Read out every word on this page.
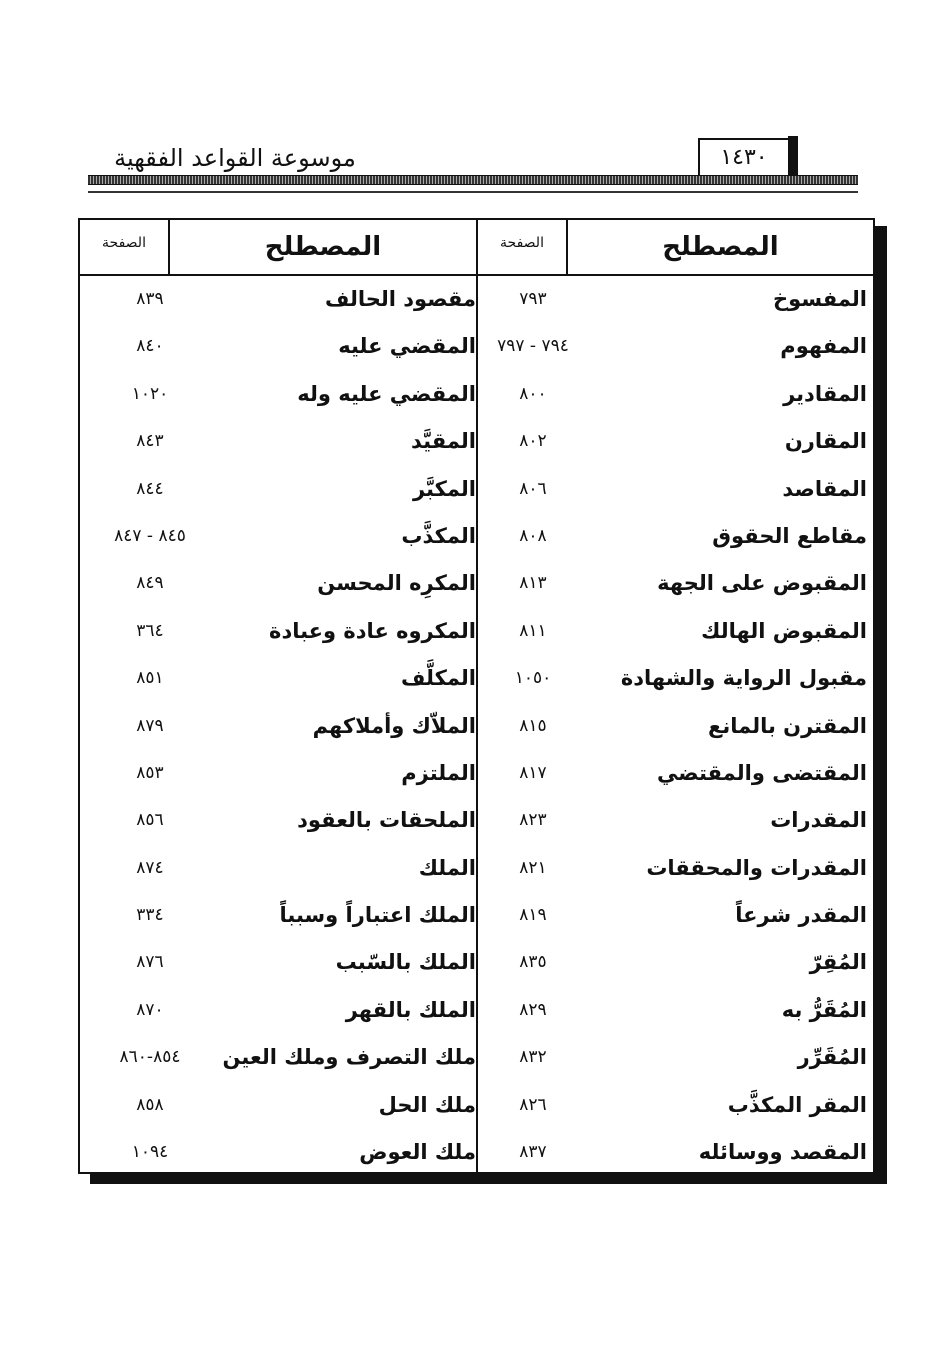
موسوعة القواعد الفقهية	١٤٣٠
المصطلح
الصفحة
المفسوخ
٧٩٣
المفهوم
٧٩٤ - ٧٩٧
المقادير
٨٠٠
المقارن
٨٠٢
المقاصد
٨٠٦
مقاطع الحقوق
٨٠٨
المقبوض على الجهة
٨١٣
المقبوض الهالك
٨١١
مقبول الرواية والشهادة
١٠٥٠
المقترن بالمانع
٨١٥
المقتضى والمقتضي
٨١٧
المقدرات
٨٢٣
المقدرات والمحققات
٨٢١
المقدر شرعاً
٨١٩
المُقِرّ
٨٣٥
المُقَرُّ به
٨٢٩
المُقَرِّر
٨٣٢
المقر المكذَّب
٨٢٦
المقصد ووسائله
٨٣٧
المصطلح
الصفحة
مقصود الحالف
٨٣٩
المقضي عليه
٨٤٠
المقضي عليه وله
١٠٢٠
المقيَّد
٨٤٣
المكبَّر
٨٤٤
المكذَّب
٨٤٥ - ٨٤٧
المكرِه المحسن
٨٤٩
المكروه عادة وعبادة
٣٦٤
المكلَّف
٨٥١
الملاّك وأملاكهم
٨٧٩
الملتزم
٨٥٣
الملحقات بالعقود
٨٥٦
الملك
٨٧٤
الملك اعتباراً وسبباً
٣٣٤
الملك بالسّبب
٨٧٦
الملك بالقهر
٨٧٠
ملك التصرف وملك العين
٨٥٤-٨٦٠
ملك الحل
٨٥٨
ملك العوض
١٠٩٤
